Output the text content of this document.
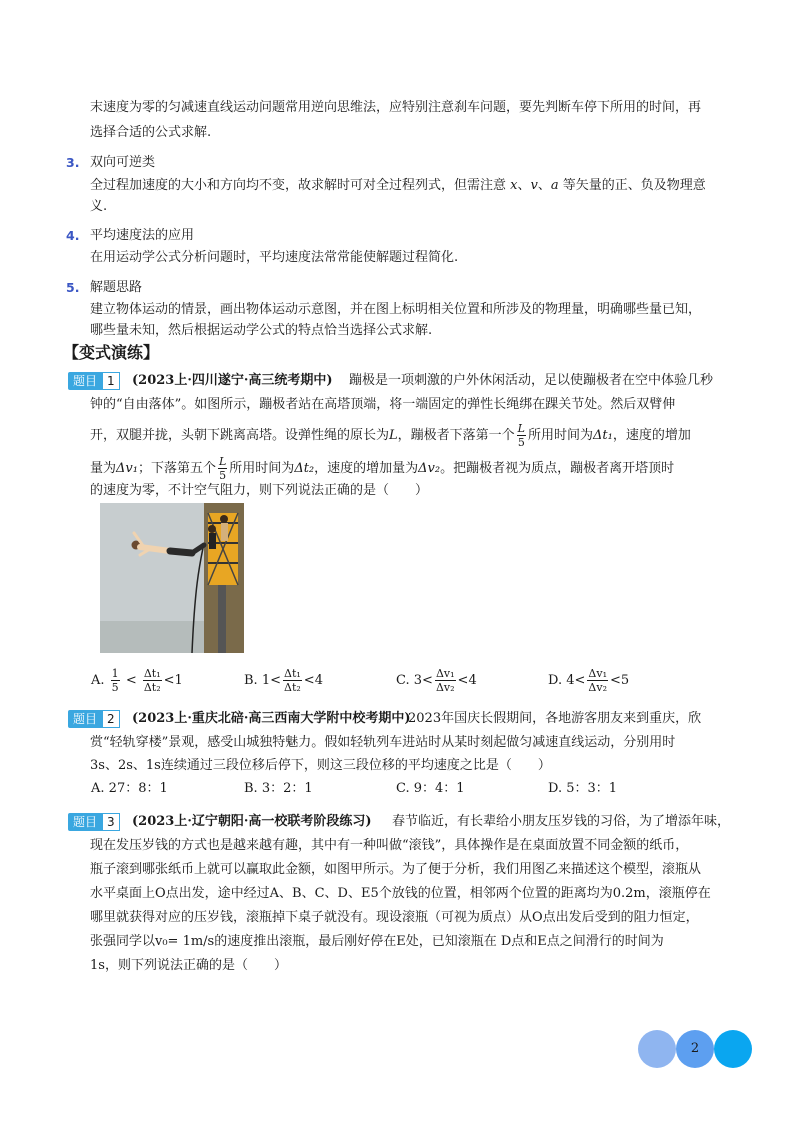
末速度为零的匀减速直线运动问题常用逆向思维法，应特别注意刹车问题，要先判断车停下所用的时间，再
选择合适的公式求解.
3. 双向可逆类
全过程加速度的大小和方向均不变，故求解时可对全过程列式，但需注意 x、v、a 等矢量的正、负及物理意
义.
4. 平均速度法的应用
在用运动学公式分析问题时，平均速度法常常能使解题过程简化.
5. 解题思路
建立物体运动的情景，画出物体运动示意图，并在图上标明相关位置和所涉及的物理量，明确哪些量已知，
哪些量未知，然后根据运动学公式的特点恰当选择公式求解.
【变式演练】
题目 1	(2023上·四川遂宁·高三统考期中) 蹦极是一项刺激的户外休闲活动，足以使蹦极者在空中体验几秒
钟的“自由落体”。如图所示，蹦极者站在高塔顶端，将一端固定的弹性长绳绑在踝关节处。然后双臂伸
开，双腿并拢，头朝下跳离高塔。设弹性绳的原长为L，蹦极者下落第一个 $\frac{L}{5}$ 所用时间为Δt₁，速度的增加
量为Δv₁；下落第五个 $\frac{L}{5}$ 所用时间为Δt₂，速度的增加量为Δv₂。把蹦极者视为质点，蹦极者离开塔顶时
的速度为零，不计空气阻力，则下列说法正确的是（　　）
A. $\frac{1}{5} < \frac{\text{Δt₁}}{\text{Δt₂}} <1$	B. $1< \frac{\text{Δt₁}}{\text{Δt₂}} <4$	C. $3< \frac{\text{Δv₁}}{\text{Δv₂}} <4$	D. $4< \frac{\text{Δv₁}}{\text{Δv₂}} <5$
题目 2	(2023上·重庆北碚·高三西南大学附中校考期中)
2023年国庆长假期间，各地游客朋友来到重庆，欣
赏“轻轨穿楼”景观，感受山城独特魅力。假如轻轨列车进站时从某时刻起做匀减速直线运动，分别用时
3s、2s、1s连续通过三段位移后停下，则这三段位移的平均速度之比是（　　）
A. 27：8：1	B. 3：2：1	C. 9：4：1	D. 5：3：1
题目 3	(2023上·辽宁朝阳·高一校联考阶段练习) 春节临近，有长辈给小朋友压岁钱的习俗，为了增添年味，
现在发压岁钱的方式也是越来越有趣，其中有一种叫做“滚钱”，具体操作是在桌面放置不同金额的纸币，
瓶子滚到哪张纸币上就可以赢取此金额，如图甲所示。为了便于分析，我们用图乙来描述这个模型，滚瓶从
水平桌面上O点出发，途中经过A、B、C、D、E5个放钱的位置，相邻两个位置的距离均为0.2m，滚瓶停在
哪里就获得对应的压岁钱，滚瓶掉下桌子就没有。现设滚瓶（可视为质点）从O点出发后受到的阻力恒定，
张强同学以v₀= 1m/s的速度推出滚瓶，最后刚好停在E处，已知滚瓶在 D点和E点之间滑行的时间为
1s，则下列说法正确的是（　　）
2
